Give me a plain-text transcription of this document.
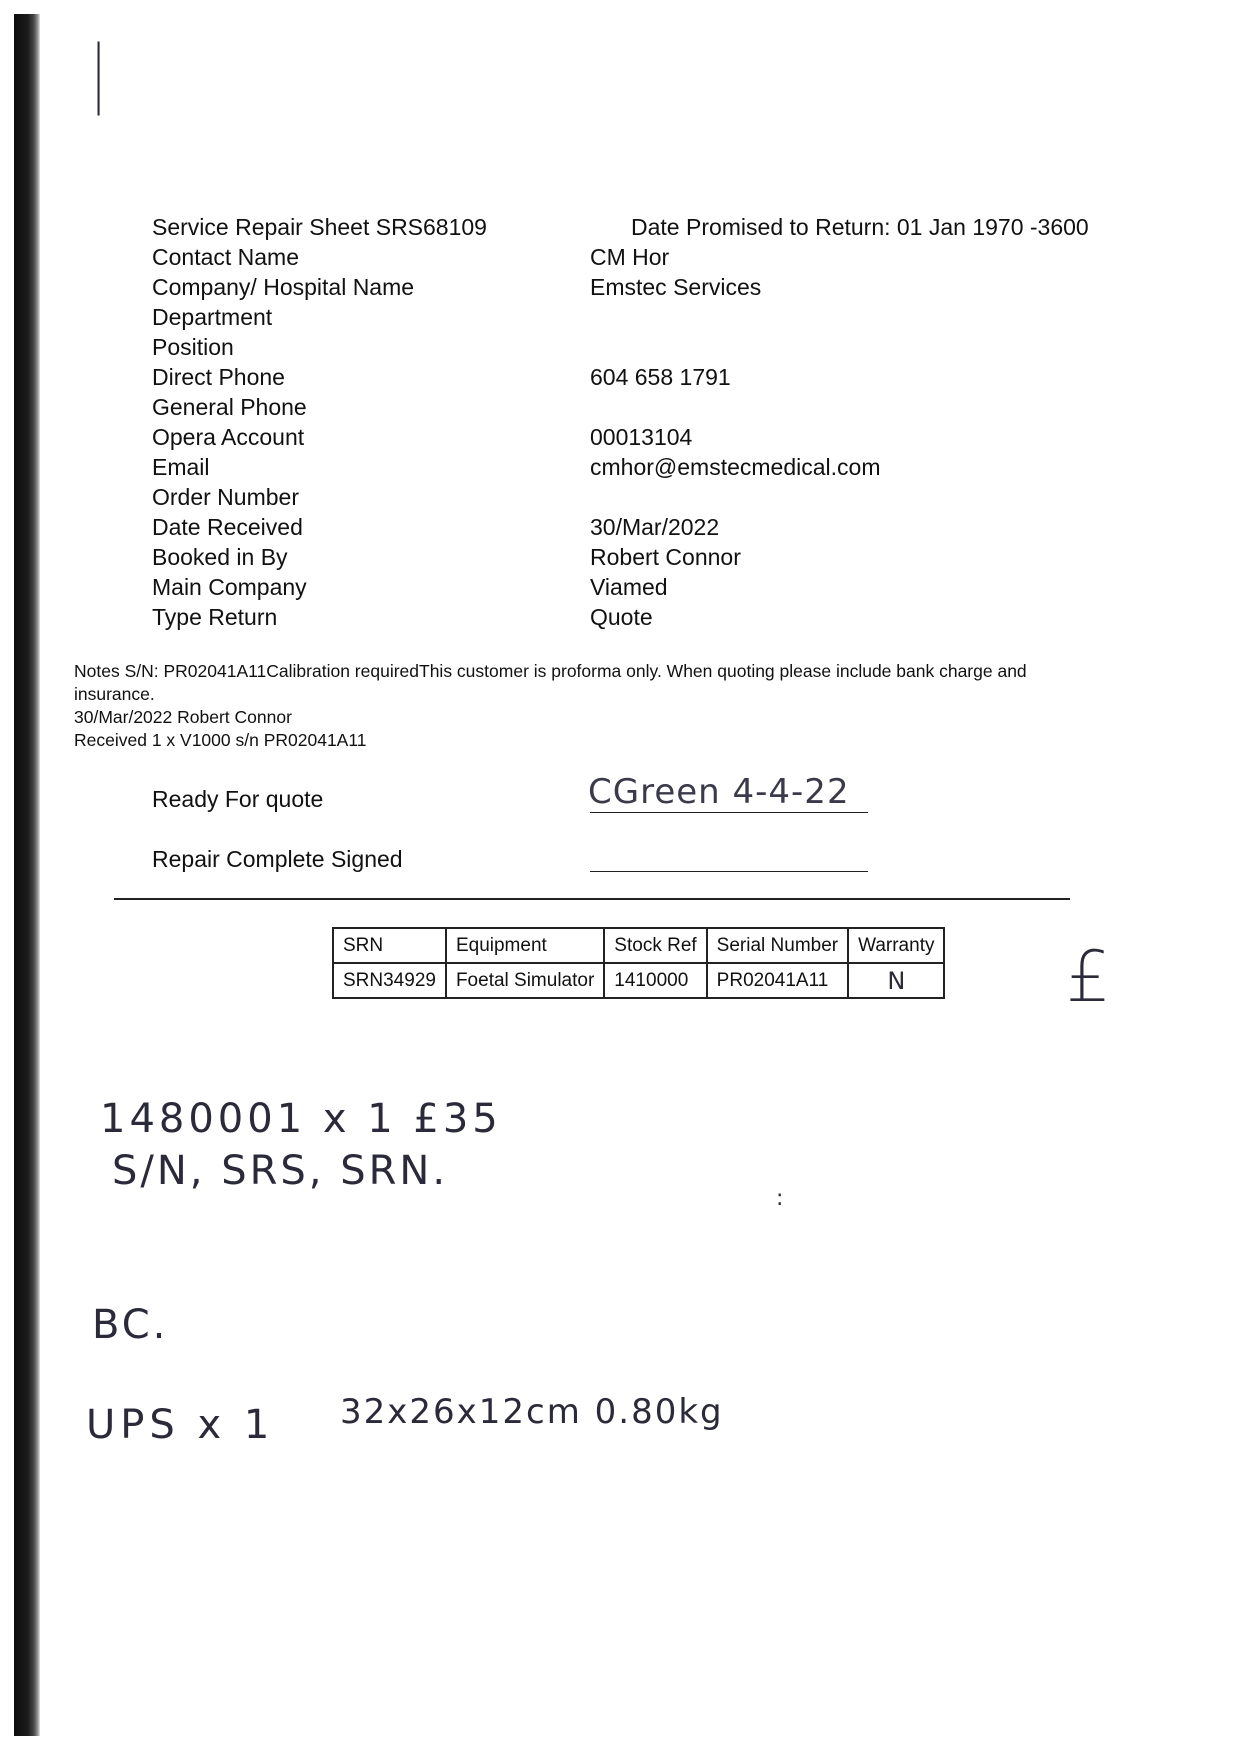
|
Date Promised to Return: 01 Jan 1970 -3600
Service Repair Sheet SRS68109	
Contact Name	CM Hor
Company/ Hospital Name	Emstec Services
Department	
Position	
Direct Phone	604 658 1791
General Phone	
Opera Account	00013104
Email	cmhor@emstecmedical.com
Order Number	
Date Received	30/Mar/2022
Booked in By	Robert Connor
Main Company	Viamed
Type Return	Quote
Notes S/N: PR02041A11Calibration requiredThis customer is proforma only. When quoting please include bank charge and
insurance.
30/Mar/2022 Robert Connor
Received 1 x V1000 s/n PR02041A11
Ready For quote	CGreen 4-4-22
Repair Complete Signed
SRN	Equipment	Stock Ref	Serial Number	Warranty
SRN34929	Foetal Simulator	1410000	PR02041A11	N £
1480001 x 1 £35
S/N, SRS, SRN.
:
BC.
UPS x 1 32x26x12cm 0.80kg
